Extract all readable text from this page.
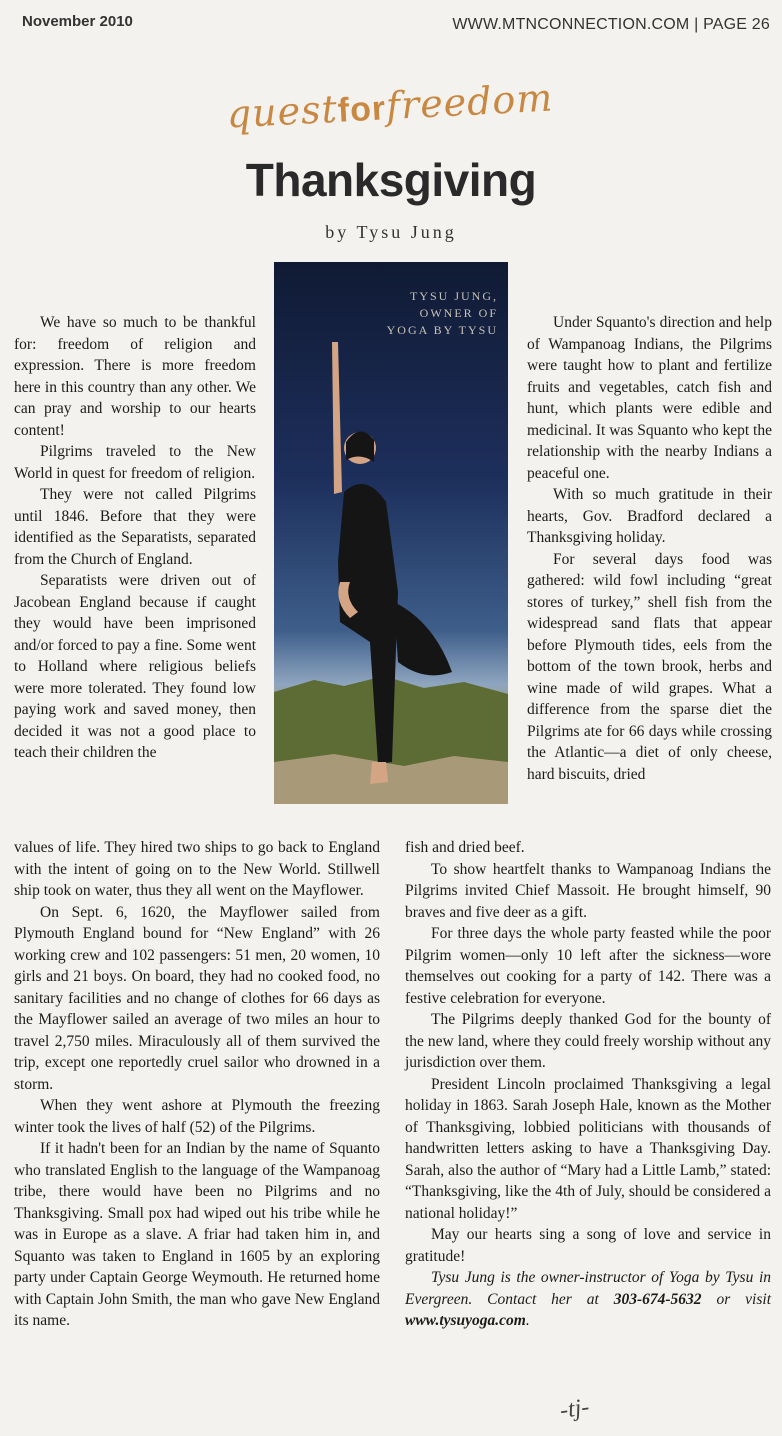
November 2010	WWW.MTNCONNECTION.COM | PAGE 26
questforfreedom
Thanksgiving
by Tysu Jung
TYSU JUNG,
OWNER OF
YOGA BY TYSU

We have so much to be thankful for: freedom of religion and expression. There is more freedom here in this country than any other. We can pray and worship to our hearts content!

Pilgrims traveled to the New World in quest for freedom of religion.

They were not called Pilgrims until 1846. Before that they were identified as the Separatists, separated from the Church of England.

Separatists were driven out of Jacobean England because if caught they would have been imprisoned and/or forced to pay a fine. Some went to Holland where religious beliefs were more tolerated. They found low paying work and saved money, then decided it was not a good place to teach their children the

Under Squanto's direction and help of Wampanoag Indians, the Pilgrims were taught how to plant and fertilize fruits and vegetables, catch fish and hunt, which plants were edible and medicinal. It was Squanto who kept the relationship with the nearby Indians a peaceful one.

With so much gratitude in their hearts, Gov. Bradford declared a Thanksgiving holiday.

For several days food was gathered: wild fowl including “great stores of turkey,” shell fish from the widespread sand flats that appear before Plymouth tides, eels from the bottom of the town brook, herbs and wine made of wild grapes. What a difference from the sparse diet the Pilgrims ate for 66 days while crossing the Atlantic—a diet of only cheese, hard biscuits, dried

values of life. They hired two ships to go back to England with the intent of going on to the New World. Stillwell ship took on water, thus they all went on the Mayflower.

On Sept. 6, 1620, the Mayflower sailed from Plymouth England bound for “New England” with 26 working crew and 102 passengers: 51 men, 20 women, 10 girls and 21 boys. On board, they had no cooked food, no sanitary facilities and no change of clothes for 66 days as the Mayflower sailed an average of two miles an hour to travel 2,750 miles. Miraculously all of them survived the trip, except one reportedly cruel sailor who drowned in a storm.

When they went ashore at Plymouth the freezing winter took the lives of half (52) of the Pilgrims.

If it hadn't been for an Indian by the name of Squanto who translated English to the language of the Wampanoag tribe, there would have been no Pilgrims and no Thanksgiving. Small pox had wiped out his tribe while he was in Europe as a slave. A friar had taken him in, and Squanto was taken to England in 1605 by an exploring party under Captain George Weymouth. He returned home with Captain John Smith, the man who gave New England its name.

fish and dried beef.

To show heartfelt thanks to Wampanoag Indians the Pilgrims invited Chief Massoit. He brought himself, 90 braves and five deer as a gift.

For three days the whole party feasted while the poor Pilgrim women—only 10 left after the sickness—wore themselves out cooking for a party of 142. There was a festive celebration for everyone.

The Pilgrims deeply thanked God for the bounty of the new land, where they could freely worship without any jurisdiction over them.

President Lincoln proclaimed Thanksgiving a legal holiday in 1863. Sarah Joseph Hale, known as the Mother of Thanksgiving, lobbied politicians with thousands of handwritten letters asking to have a Thanksgiving Day. Sarah, also the author of “Mary had a Little Lamb,” stated: “Thanksgiving, like the 4th of July, should be considered a national holiday!”

May our hearts sing a song of love and service in gratitude!

Tysu Jung is the owner-instructor of Yoga by Tysu in Evergreen. Contact her at 303-674-5632 or visit www.tysuyoga.com.

-tj-
